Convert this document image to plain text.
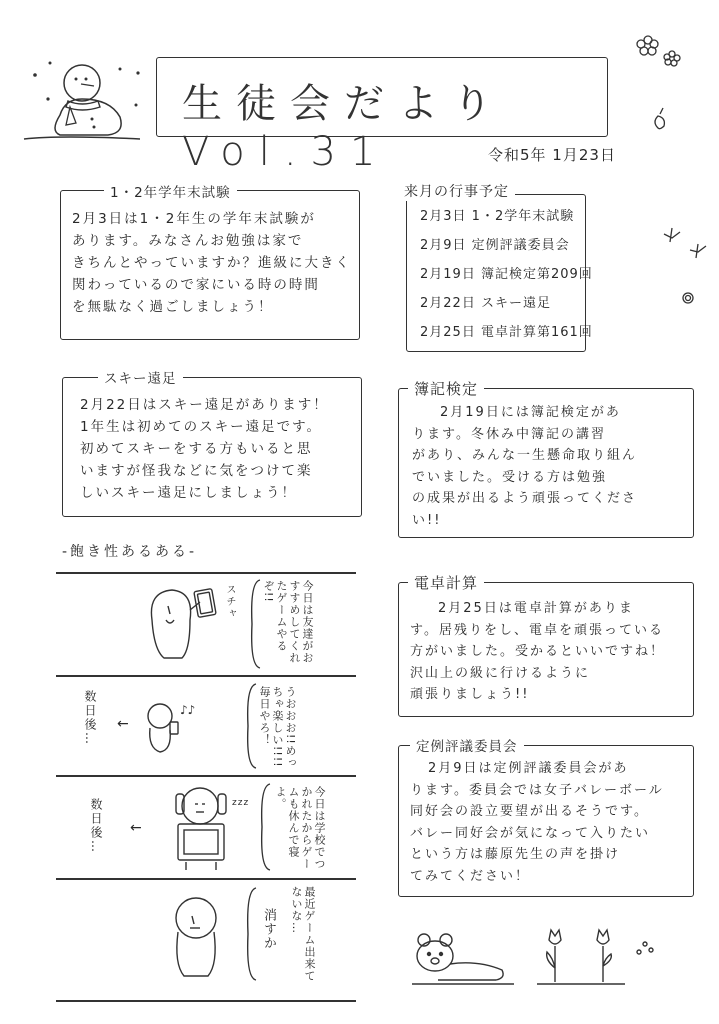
生徒会だより Vol.31	令和5年 1月23日
1・2年学年末試験
2月3日は1・2年生の学年末試験が
あります。みなさんお勉強は家で
きちんとやっていますか？進級に大きく
関わっているので家にいる時の時間
を無駄なく過ごしましょう！
来月の行事予定
2月3日 1・2学年末試験
2月9日 定例評議委員会
2月19日 簿記検定第209回
2月22日 スキー遠足
2月25日 電卓計算第161回
スキー遠足
2月22日はスキー遠足があります！
1年生は初めてのスキー遠足です。
初めてスキーをする方もいると思
いますが怪我などに気をつけて楽
しいスキー遠足にしましょう！
簿記検定
2月19日には簿記検定があ
ります。冬休み中簿記の講習
があり、みんな一生懸命取り組ん
でいました。受ける方は勉強
の成果が出るよう頑張ってくださ
い!!
-飽き性あるある-
スチャ	今日は友達がおすすめしてくれたゲームやるぞ!!
数日後… ←
♪♪	うおおお!!めっちゃ楽しい!!!!毎日やろ！
数日後… ←
zzz	今日は学校でつかれたからゲームも休んで寝よ。
消すか	最近ゲーム出来てないな…
電卓計算
2月25日は電卓計算がありま
す。居残りをし、電卓を頑張っている
方がいました。受かるといいですね！
沢山上の級に行けるように
頑張りましょう!!
定例評議委員会
2月9日は定例評議委員会があ
ります。委員会では女子バレーボール
同好会の設立要望が出るそうです。
バレー同好会が気になって入りたい
という方は藤原先生の声を掛け
てみてください！
